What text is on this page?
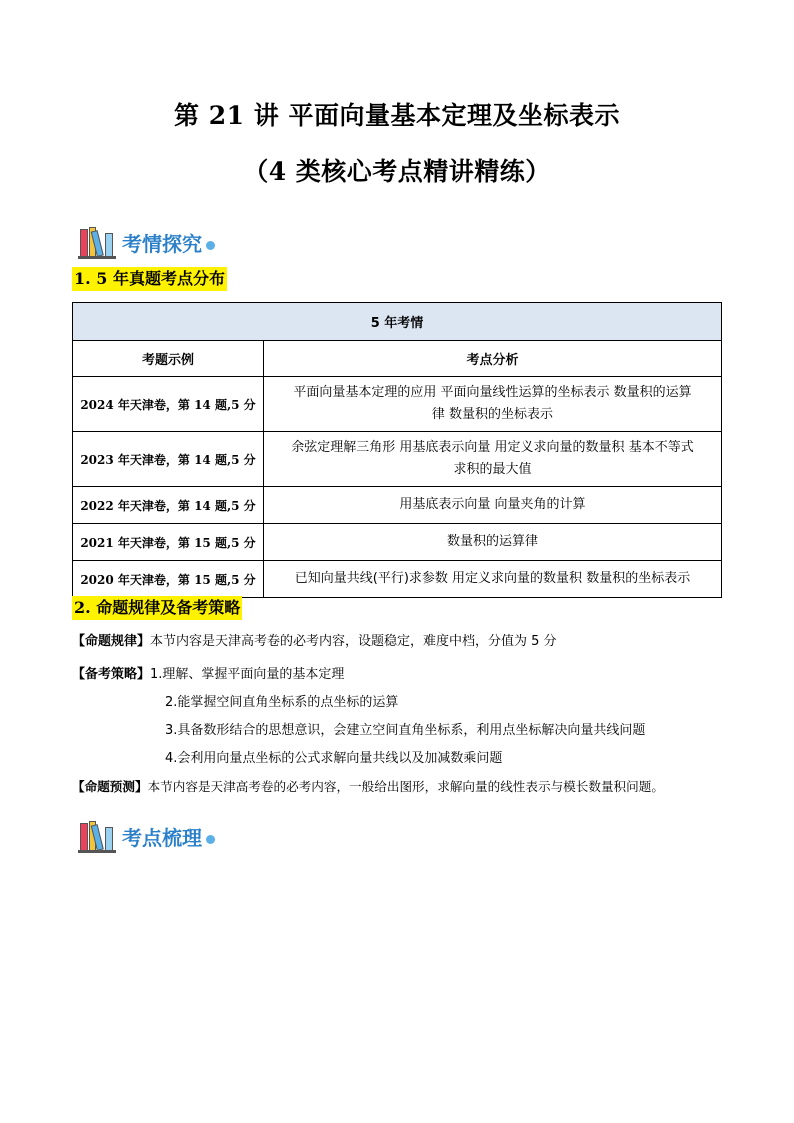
第 21 讲 平面向量基本定理及坐标表示
（4 类核心考点精讲精练）
考情探究
1. 5 年真题考点分布
5 年考情	
考题示例	考点分析
2024 年天津卷，第 14 题,5 分	平面向量基本定理的应用 平面向量线性运算的坐标表示 数量积的运算
律 数量积的坐标表示
2023 年天津卷，第 14 题,5 分	余弦定理解三角形 用基底表示向量 用定义求向量的数量积 基本不等式
求积的最大值
2022 年天津卷，第 14 题,5 分	用基底表示向量 向量夹角的计算
2021 年天津卷，第 15 题,5 分	数量积的运算律
2020 年天津卷，第 15 题,5 分	已知向量共线(平行)求参数 用定义求向量的数量积 数量积的坐标表示
2. 命题规律及备考策略
【命题规律】本节内容是天津高考卷的必考内容，设题稳定，难度中档，分值为 5 分
【备考策略】1.理解、掌握平面向量的基本定理
2.能掌握空间直角坐标系的点坐标的运算
3.具备数形结合的思想意识，会建立空间直角坐标系，利用点坐标解决向量共线问题
4.会利用向量点坐标的公式求解向量共线以及加减数乘问题
【命题预测】本节内容是天津高考卷的必考内容，一般给出图形，求解向量的线性表示与模长数量积问题。
考点梳理
